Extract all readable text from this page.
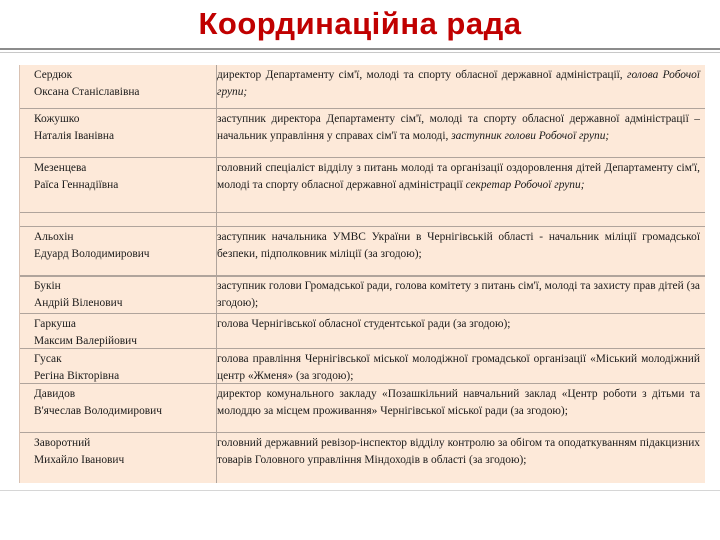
Координаційна рада
Сердюк
Оксана Станіславівна
директор Департаменту сім'ї, молоді та спорту обласної державної адміністрації, голова Робочої групи;
Кожушко
Наталія Іванівна
заступник директора Департаменту сім'ї, молоді та спорту обласної державної адміністрації – начальник управління у справах сім'ї та молоді, заступник голови Робочої групи;
Мезенцева
Раїса Геннадіївна
головний спеціаліст відділу з питань молоді та організації оздоровлення дітей Департаменту сім'ї, молоді та спорту обласної державної адміністрації секретар Робочої групи;
Альохін
Едуард Володимирович
заступник начальника УМВС України в Чернігівській області - начальник міліції громадської безпеки, підполковник міліції (за згодою);
Букін
Андрій Віленович
заступник голови Громадської ради, голова комітету з питань сім'ї, молоді та захисту прав дітей (за згодою);
Гаркуша
Максим Валерійович
голова Чернігівської обласної студентської ради (за згодою);
Гусак
Регіна Вікторівна
голова правління Чернігівської міської молодіжної громадської організації «Міський молодіжний центр «Жменя» (за згодою);
Давидов
В'ячеслав Володимирович
директор комунального закладу «Позашкільний навчальний заклад «Центр роботи з дітьми та молоддю за місцем проживання» Чернігівської міської ради (за згодою);
Заворотний
Михайло Іванович
головний державний ревізор-інспектор відділу контролю за обігом та оподаткуванням підакцизних товарів Головного управління Міндоходів в області (за згодою);
